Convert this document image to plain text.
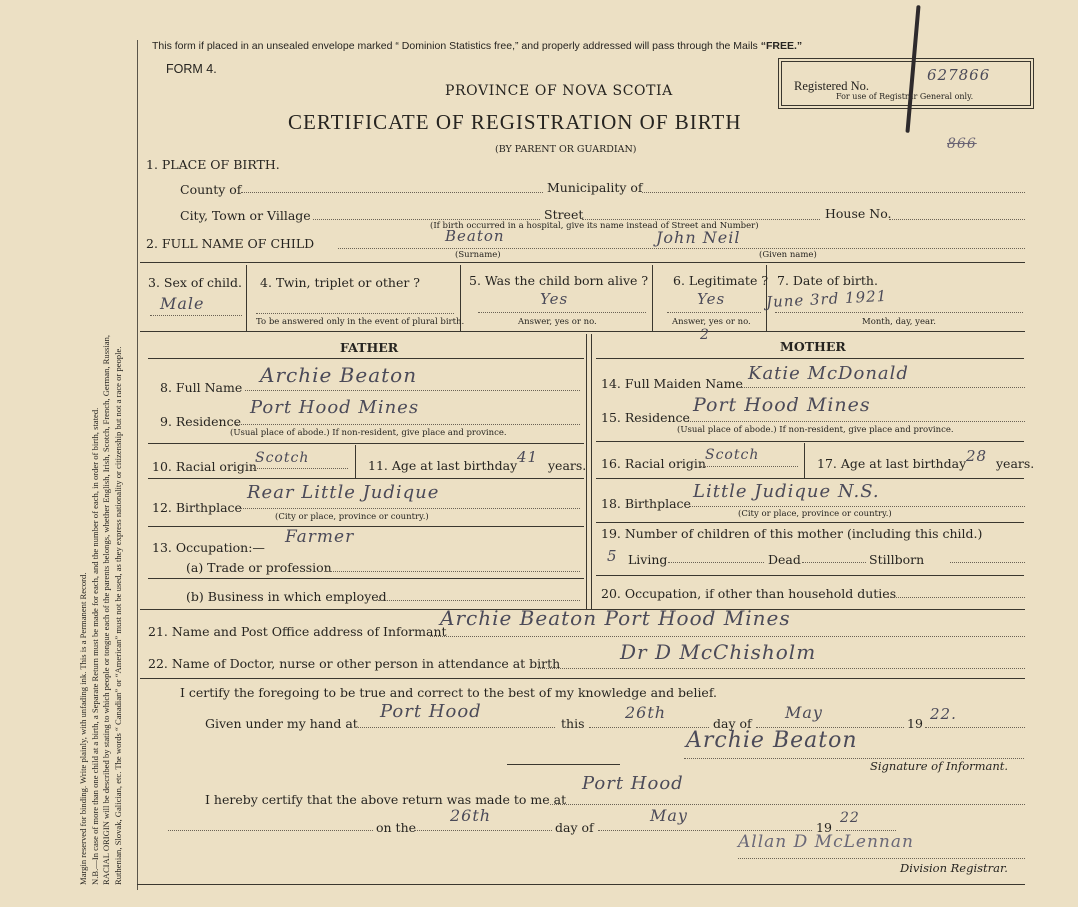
Margin reserved for binding. Write plainly, with unfading ink. This is a Permanent Record. N.B.—In case of more than one child at a birth, a Separate Return must be made for each, and the number of each, in order of birth, stated. RACIAL ORIGIN will be described by stating to which people or tongue each of the parents belongs, whether English, Irish, Scotch, French, German, Russian, Ruthenian, Slovak, Galician, etc. The words “ Canadian” or “American” must not be used, as they express nationality or citizenship but not a race or people.
This form if placed in an unsealed envelope marked “ Dominion Statistics free,” and properly addressed will pass through the Mails “FREE.”
FORM 4.
PROVINCE OF NOVA SCOTIA
CERTIFICATE OF REGISTRATION OF BIRTH
(BY PARENT OR GUARDIAN)
Registered No.
627866
For use of Registrar General only.
866
1. PLACE OF BIRTH.
County of	Municipality of
City, Town or Village	Street	House No.
(If birth occurred in a hospital, give its name instead of Street and Number)
2. FULL NAME OF CHILD	Beaton
(Surname)
John Neil
(Given name)
3. Sex of child.
Male
4. Twin, triplet or other ?
To be answered only in the event of plural birth.
5. Was the child born alive ?
Yes
Answer, yes or no.
6. Legitimate ?
Yes
Answer, yes or no.
7. Date of birth.
June 3rd 1921
Month, day, year.
FATHER	MOTHER
2
8. Full Name
Archie Beaton
9. Residence
Port Hood Mines
(Usual place of abode.) If non-resident, give place and province.
10. Racial origin
Scotch	11. Age at last birthday 41 years.
12. Birthplace
Rear Little Judique
(City or place, province or country.)
13. Occupation:—
Farmer
(a) Trade or profession
(b) Business in which employed
14. Full Maiden Name Katie McDonald
15. Residence
Port Hood Mines
(Usual place of abode.) If non-resident, give place and province.
16. Racial origin
Scotch
17. Age at last birthday 28 years.
18. Birthplace
Little Judique N.S.
(City or place, province or country.)
19. Number of children of this mother (including this child.)
5 Living	Dead	Stillborn
20. Occupation, if other than household duties
21. Name and Post Office address of Informant
Archie Beaton Port Hood Mines
22. Name of Doctor, nurse or other person in attendance at birth	Dr D McChisholm
I certify the foregoing to be true and correct to the best of my knowledge and belief.
Given under my hand at
Port Hood
this
26th
day of
May
19
22.
Archie Beaton
Signature of Informant.
I hereby certify that the above return was made to me at
Port Hood
on the
26th
day of
May
19
22
Allan D McLennan
Division Registrar.
